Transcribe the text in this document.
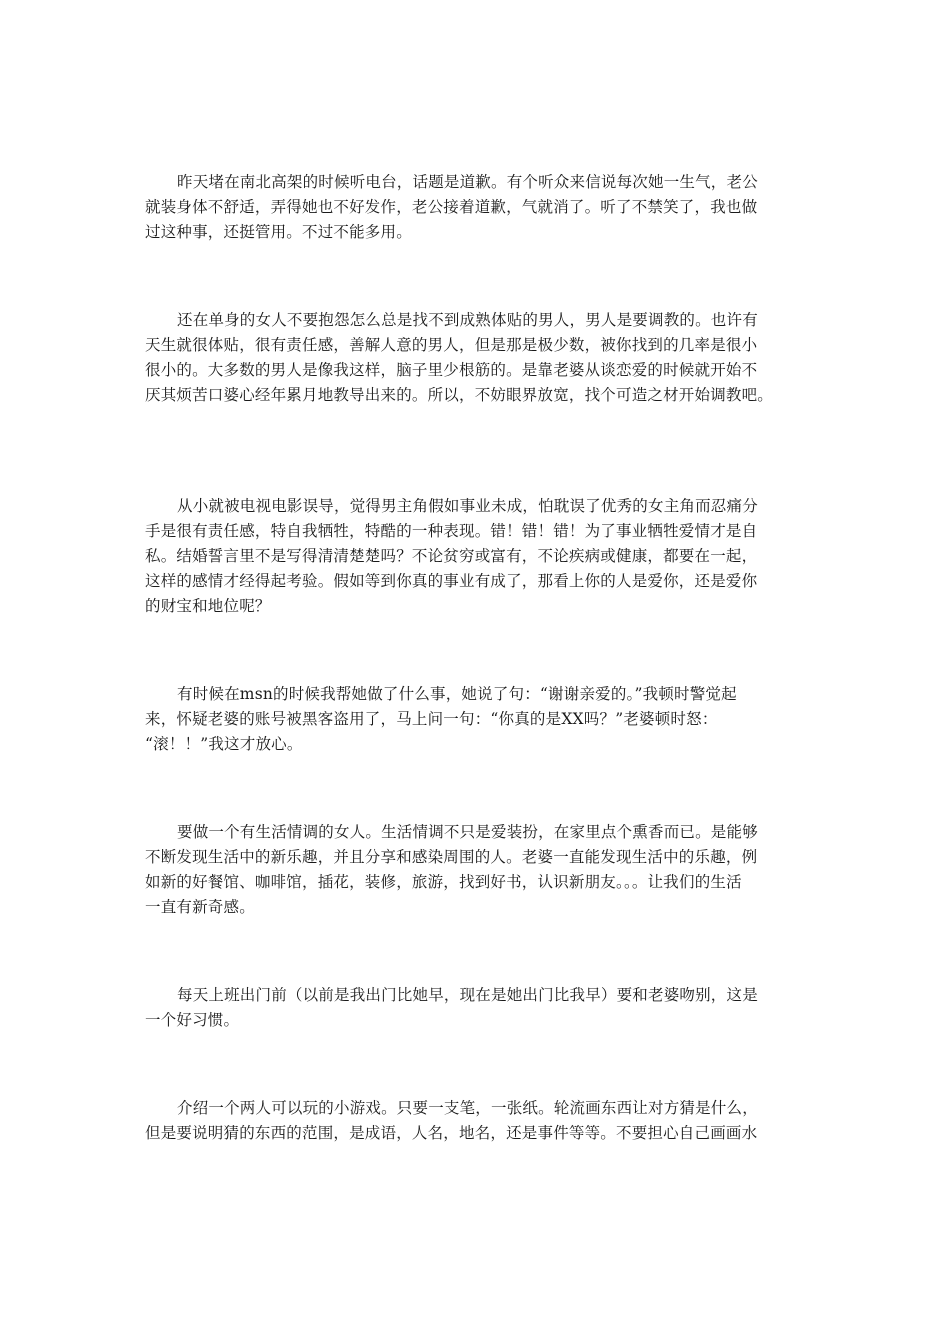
昨天堵在南北高架的时候听电台，话题是道歉。有个听众来信说每次她一生气，老公
就装身体不舒适，弄得她也不好发作，老公接着道歉，气就消了。听了不禁笑了，我也做
过这种事，还挺管用。不过不能多用。
还在单身的女人不要抱怨怎么总是找不到成熟体贴的男人，男人是要调教的。也许有
天生就很体贴，很有责任感，善解人意的男人，但是那是极少数，被你找到的几率是很小
很小的。大多数的男人是像我这样，脑子里少根筋的。是靠老婆从谈恋爱的时候就开始不
厌其烦苦口婆心经年累月地教导出来的。所以，不妨眼界放宽，找个可造之材开始调教吧。
从小就被电视电影误导，觉得男主角假如事业未成，怕耽误了优秀的女主角而忍痛分
手是很有责任感，特自我牺牲，特酷的一种表现。错！错！错！为了事业牺牲爱情才是自
私。结婚誓言里不是写得清清楚楚吗？不论贫穷或富有，不论疾病或健康，都要在一起，
这样的感情才经得起考验。假如等到你真的事业有成了，那看上你的人是爱你，还是爱你
的财宝和地位呢？
有时候在msn的时候我帮她做了什么事，她说了句：“谢谢亲爱的。”我顿时警觉起
来，怀疑老婆的账号被黑客盗用了，马上问一句：“你真的是XX吗？”老婆顿时怒：
“滚！！”我这才放心。
要做一个有生活情调的女人。生活情调不只是爱装扮，在家里点个熏香而已。是能够
不断发现生活中的新乐趣，并且分享和感染周围的人。老婆一直能发现生活中的乐趣，例
如新的好餐馆、咖啡馆，插花，装修，旅游，找到好书，认识新朋友。。。让我们的生活
一直有新奇感。
每天上班出门前（以前是我出门比她早，现在是她出门比我早）要和老婆吻别，这是
一个好习惯。
介绍一个两人可以玩的小游戏。只要一支笔，一张纸。轮流画东西让对方猜是什么，
但是要说明猜的东西的范围，是成语，人名，地名，还是事件等等。不要担心自己画画水
